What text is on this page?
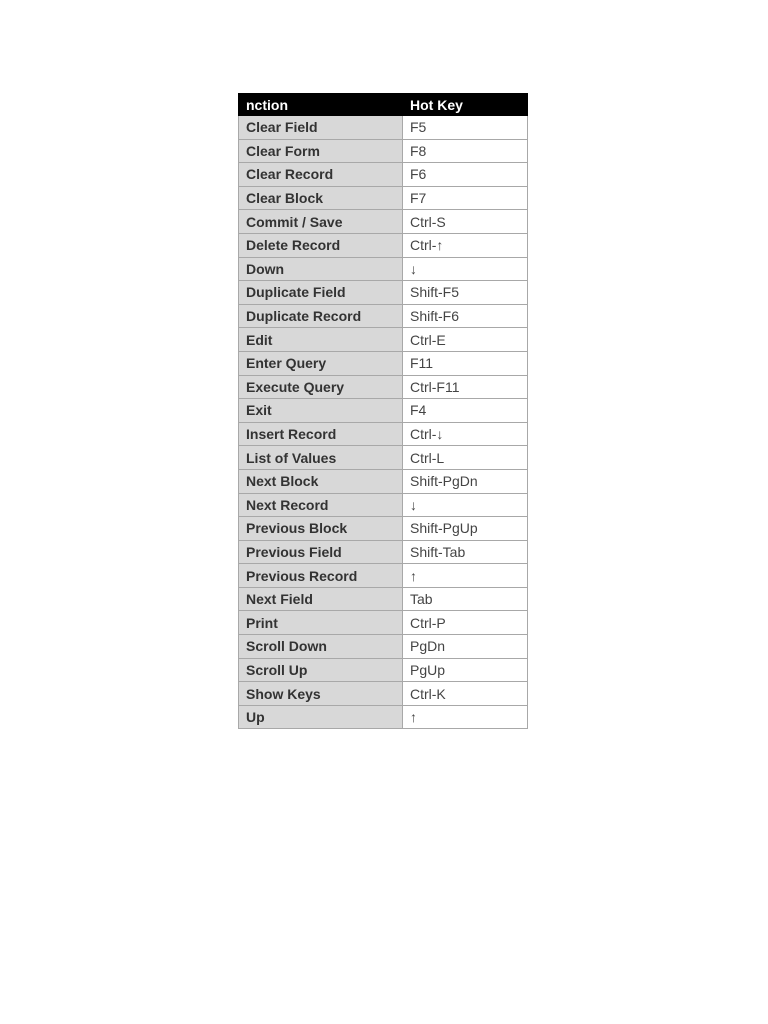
nction	Hot Key
Clear Field	F5
Clear Form	F8
Clear Record	F6
Clear Block	F7
Commit / Save	Ctrl-S
Delete Record	Ctrl-↑
Down	↓
Duplicate Field	Shift-F5
Duplicate Record	Shift-F6
Edit	Ctrl-E
Enter Query	F11
Execute Query	Ctrl-F11
Exit	F4
Insert Record	Ctrl-↓
List of Values	Ctrl-L
Next Block	Shift-PgDn
Next Record	↓
Previous Block	Shift-PgUp
Previous Field	Shift-Tab
Previous Record	↑
Next Field	Tab
Print	Ctrl-P
Scroll Down	PgDn
Scroll Up	PgUp
Show Keys	Ctrl-K
Up	↑
